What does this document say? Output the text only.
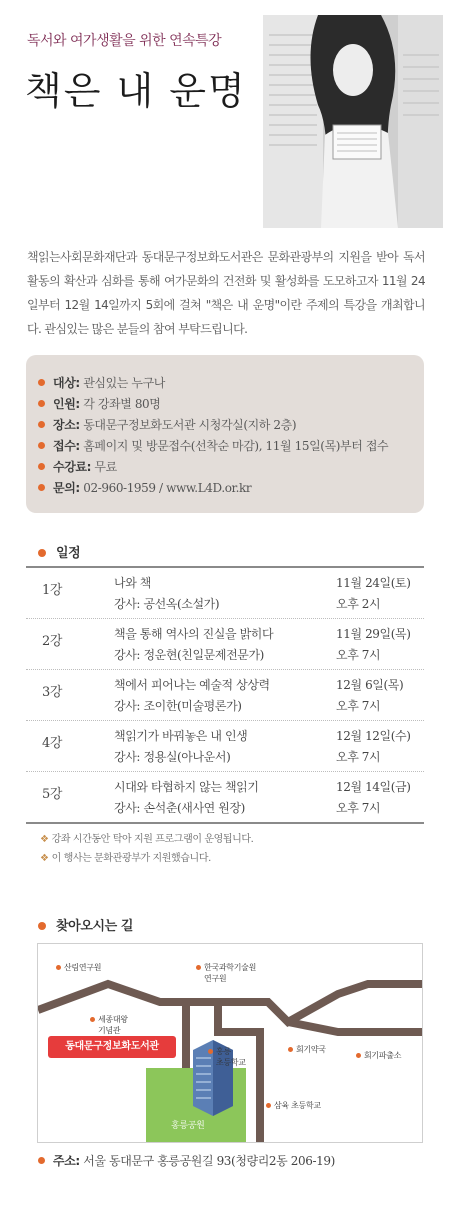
독서와 여가생활을 위한 연속특강
책은 내 운명
책읽는사회문화재단과 동대문구정보화도서관은 문화관광부의 지원을 받아 독서활동의 확산과 심화를 통해 여가문화의 건전화 및 활성화를 도모하고자 11월 24일부터 12월 14일까지 5회에 걸쳐 "책은 내 운명"이란 주제의 특강을 개최합니다. 관심있는 많은 분들의 참여 부탁드립니다.
대상: 관심있는 누구나
인원: 각 강좌별 80명
장소: 동대문구정보화도서관 시청각실(지하 2층)
접수: 홈페이지 및 방문접수(선착순 마감), 11월 15일(목)부터 접수
수강료: 무료
문의: 02-960-1959 / www.L4D.or.kr
일정
1강	나와 책
강사: 공선옥(소설가)
11월 24일(토)
오후 2시
2강	책을 통해 역사의 진실을 밝히다
강사: 정운현(친일문제전문가)
11월 29일(목)
오후 7시
3강	책에서 피어나는 예술적 상상력
강사: 조이한(미술평론가)
12월 6일(목)
오후 7시
4강	책읽기가 바꿔놓은 내 인생
강사: 정용실(아나운서)
12월 12일(수)
오후 7시
5강	시대와 타협하지 않는 책읽기
강사: 손석춘(새사연 원장)
12월 14일(금)
오후 7시
❖ 강좌 시간동안 탁아 지원 프로그램이 운영됩니다.
❖ 이 행사는 문화관광부가 지원했습니다.
찾아오시는 길
산림연구원	한국과학기술원
연구원
세종대왕
기념관
홍릉
초등학교
회기약국
회기파출소
삼육 초등학교
동대문구정보화도서관
홍릉공원
주소: 서울 동대문구 홍릉공원길 93(청량리2동 206-19)
